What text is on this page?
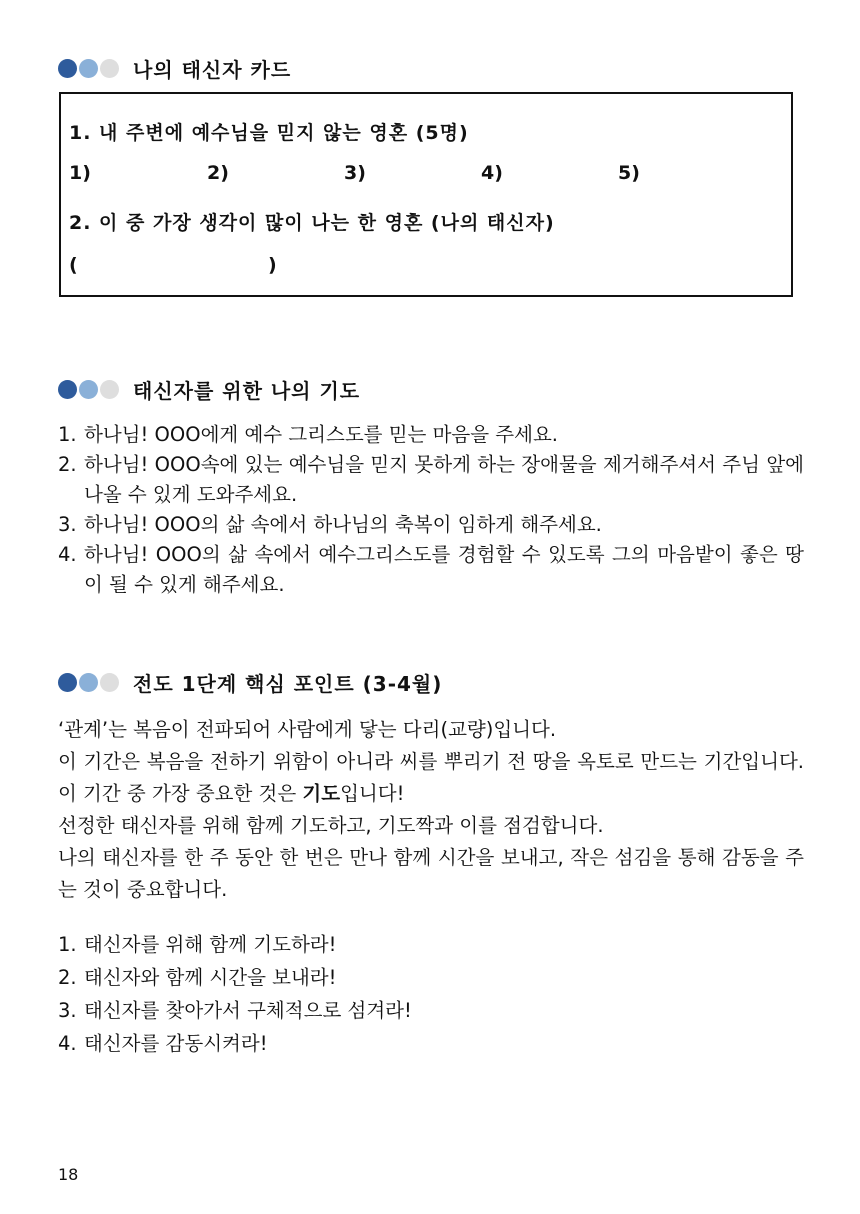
나의 태신자 카드
1. 내 주변에 예수님을 믿지 않는 영혼 (5명)
1)	2)	3)	4)	5)
2. 이 중 가장 생각이 많이 나는 한 영혼 (나의 태신자)
(	)
태신자를 위한 나의 기도
1. 하나님! OOO에게 예수 그리스도를 믿는 마음을 주세요.
2. 하나님! OOO속에 있는 예수님을 믿지 못하게 하는 장애물을 제거해주셔서 주님 앞에 나올 수 있게 도와주세요.
3. 하나님! OOO의 삶 속에서 하나님의 축복이 임하게 해주세요.
4. 하나님! OOO의 삶 속에서 예수그리스도를 경험할 수 있도록 그의 마음밭이 좋은 땅이 될 수 있게 해주세요.
전도 1단계 핵심 포인트 (3-4월)
‘관계’는 복음이 전파되어 사람에게 닿는 다리(교량)입니다.
이 기간은 복음을 전하기 위함이 아니라 씨를 뿌리기 전 땅을 옥토로 만드는 기간입니다. 이 기간 중 가장 중요한 것은 기도입니다!
선정한 태신자를 위해 함께 기도하고, 기도짝과 이를 점검합니다.
나의 태신자를 한 주 동안 한 번은 만나 함께 시간을 보내고, 작은 섬김을 통해 감동을 주는 것이 중요합니다.
1. 태신자를 위해 함께 기도하라!
2. 태신자와 함께 시간을 보내라!
3. 태신자를 찾아가서 구체적으로 섬겨라!
4. 태신자를 감동시켜라!
18
